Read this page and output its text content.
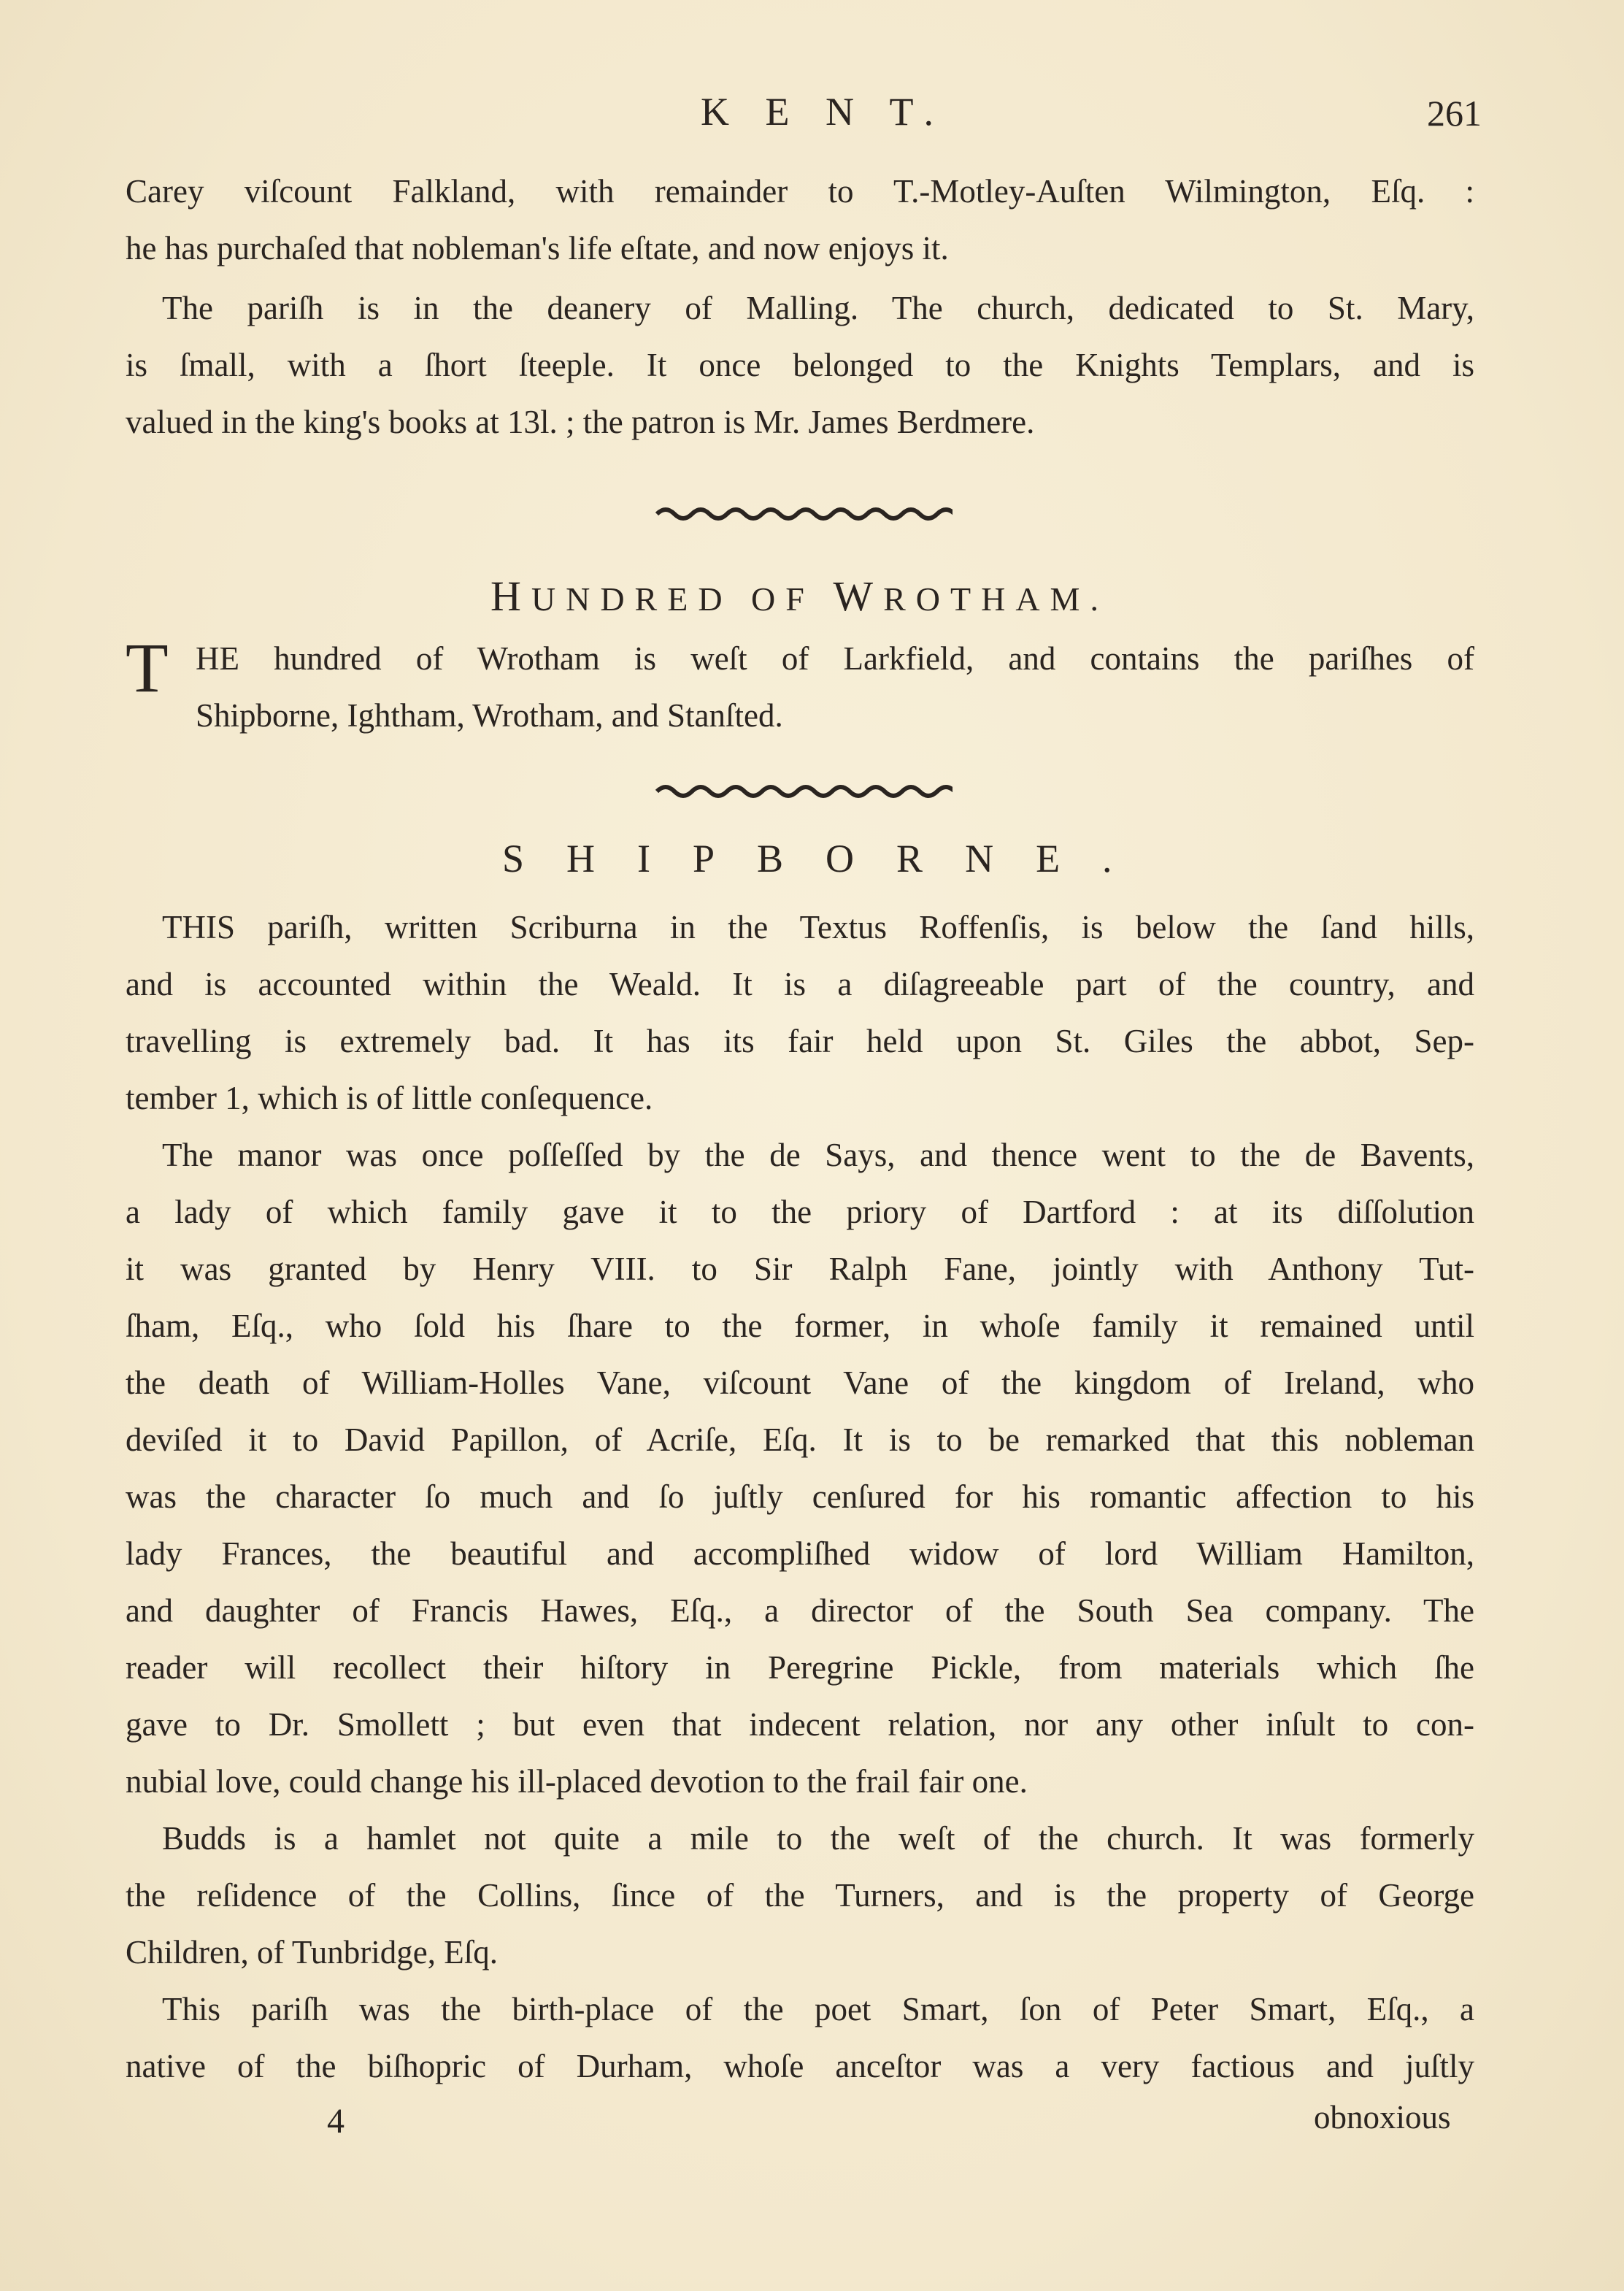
K E N T.	261
Carey viſcount Falkland, with remainder to T.-Motley-Auſten Wilmington, Eſq. :
he has purchaſed that nobleman's life eſtate, and now enjoys it.
The pariſh is in the deanery of Malling. The church, dedicated to St. Mary,
is ſmall, with a ſhort ſteeple. It once belonged to the Knights Templars, and is
valued in the king's books at 13l. ; the patron is Mr. James Berdmere.
HUNDRED OF WROTHAM.
T HE hundred of Wrotham is weſt of Larkfield, and contains the pariſhes of
Shipborne, Ightham, Wrotham, and Stanſted.
SHIPBORNE.
THIS pariſh, written Scriburna in the Textus Roffenſis, is below the ſand hills,
and is accounted within the Weald. It is a diſagreeable part of the country, and
travelling is extremely bad. It has its fair held upon St. Giles the abbot, Sep-
tember 1, which is of little conſequence.
The manor was once poſſeſſed by the de Says, and thence went to the de Bavents,
a lady of which family gave it to the priory of Dartford : at its diſſolution
it was granted by Henry VIII. to Sir Ralph Fane, jointly with Anthony Tut-
ſham, Eſq., who ſold his ſhare to the former, in whoſe family it remained until
the death of William-Holles Vane, viſcount Vane of the kingdom of Ireland, who
deviſed it to David Papillon, of Acriſe, Eſq. It is to be remarked that this nobleman
was the character ſo much and ſo juſtly cenſured for his romantic affection to his
lady Frances, the beautiful and accompliſhed widow of lord William Hamilton,
and daughter of Francis Hawes, Eſq., a director of the South Sea company. The
reader will recollect their hiſtory in Peregrine Pickle, from materials which ſhe
gave to Dr. Smollett ; but even that indecent relation, nor any other inſult to con-
nubial love, could change his ill-placed devotion to the frail fair one.
Budds is a hamlet not quite a mile to the weſt of the church. It was formerly
the reſidence of the Collins, ſince of the Turners, and is the property of George
Children, of Tunbridge, Eſq.
This pariſh was the birth-place of the poet Smart, ſon of Peter Smart, Eſq., a
native of the biſhopric of Durham, whoſe anceſtor was a very factious and juſtly
4	obnoxious
